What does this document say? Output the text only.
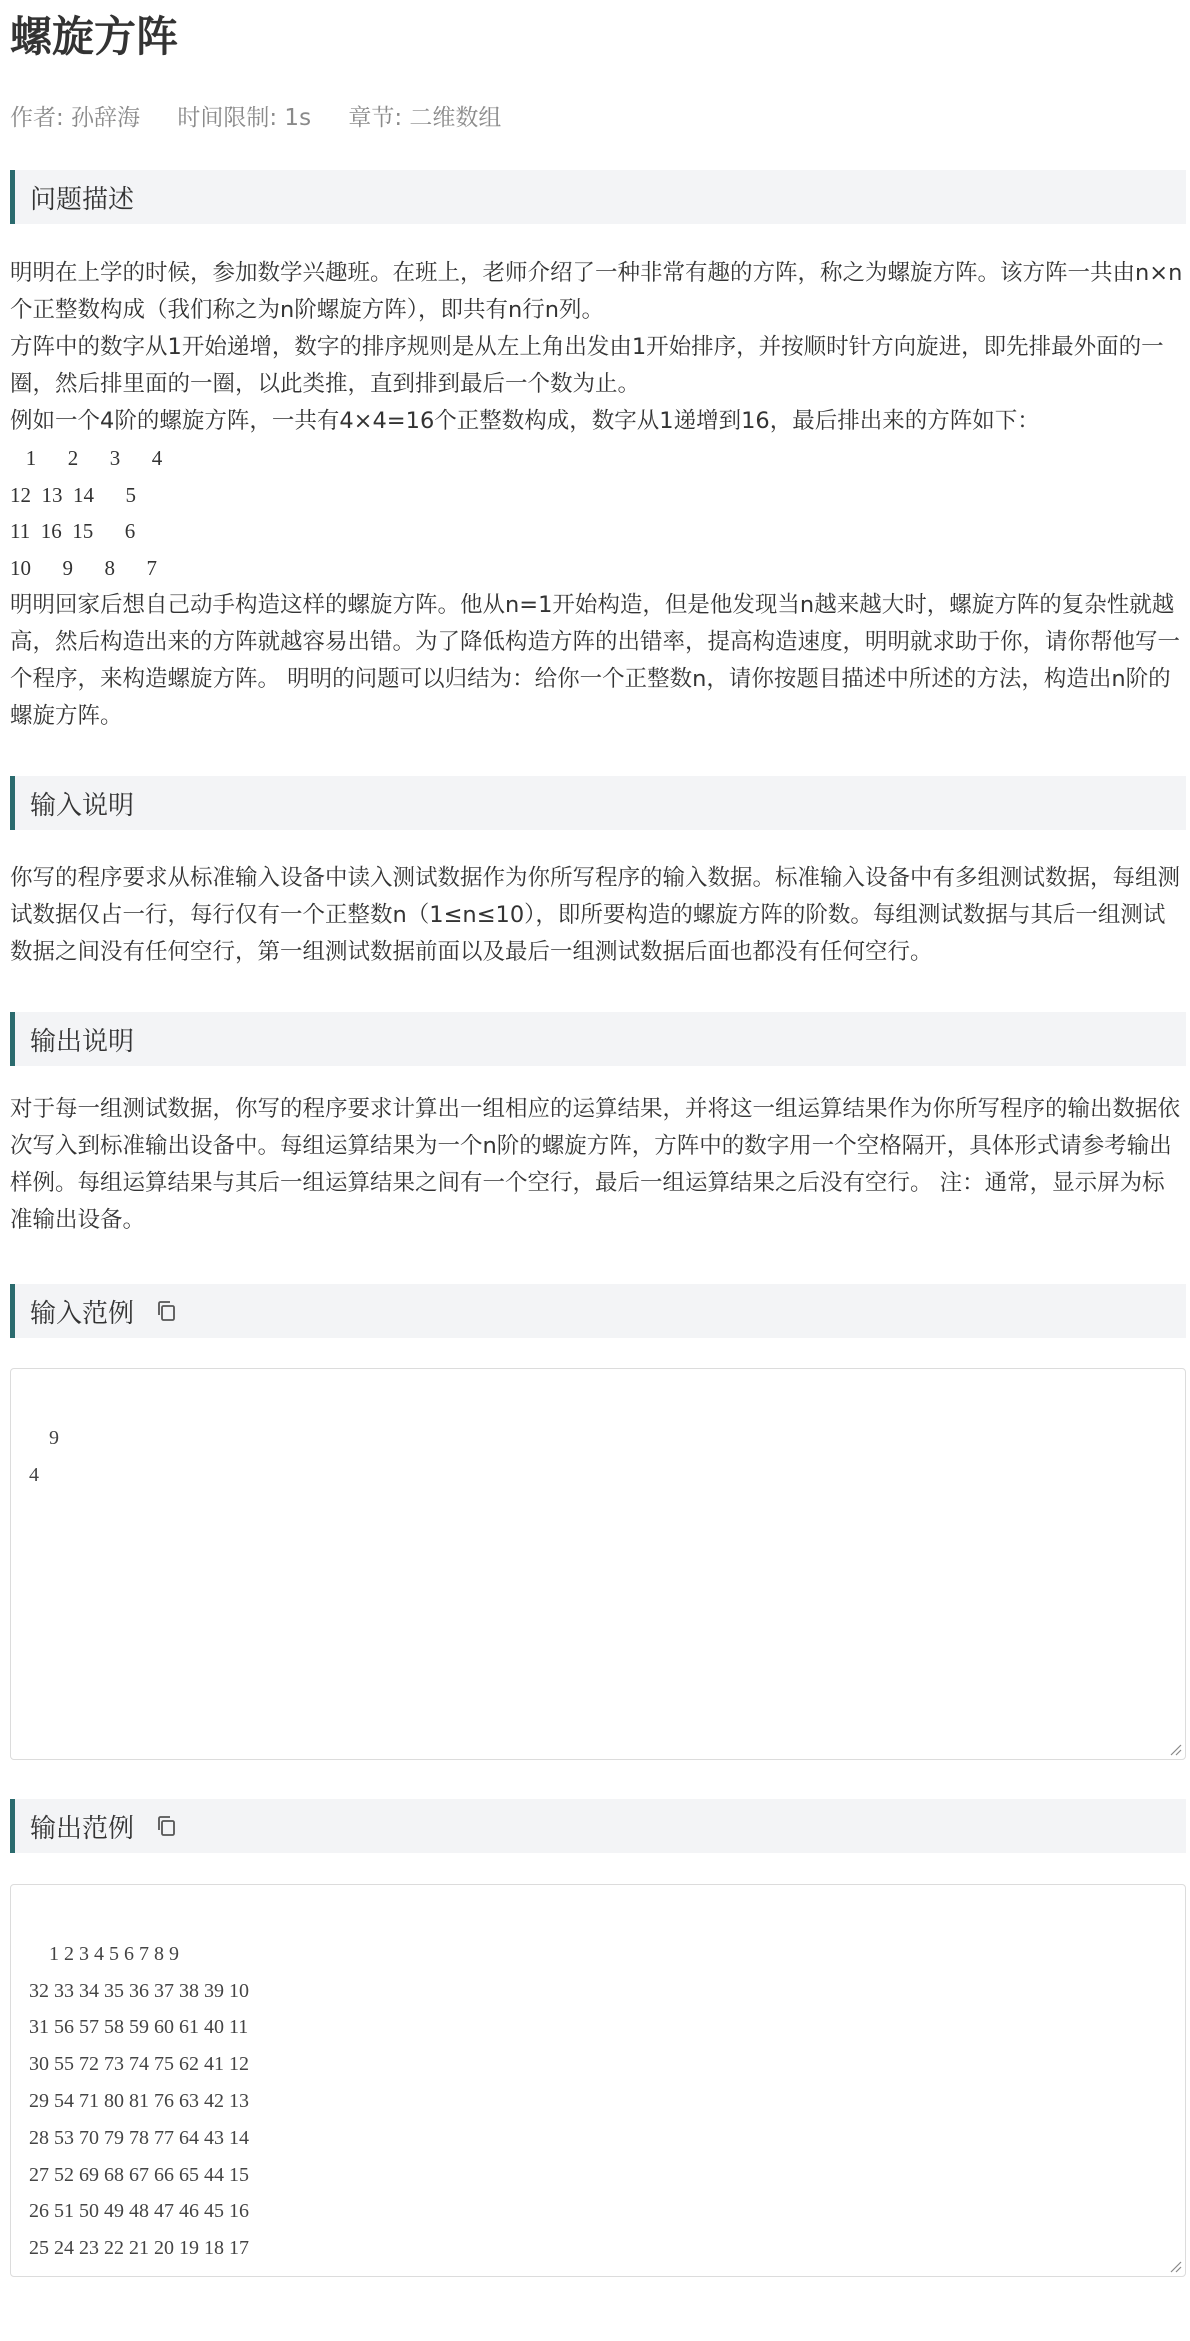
螺旋方阵
作者: 孙辞海 时间限制: 1s 章节: 二维数组
问题描述

明明在上学的时候，参加数学兴趣班。在班上，老师介绍了一种非常有趣的方阵，称之为螺旋方阵。该方阵一共由n×n个正整数构成（我们称之为n阶螺旋方阵），即共有n行n列。
方阵中的数字从1开始递增，数字的排序规则是从左上角出发由1开始排序，并按顺时针方向旋进，即先排最外面的一圈，然后排里面的一圈，以此类推，直到排到最后一个数为止。
例如一个4阶的螺旋方阵，一共有4×4=16个正整数构成，数字从1递增到16，最后排出来的方阵如下：

1      2      3      4
12  13  14      5
11  16  15      6
10      9      8      7

明明回家后想自己动手构造这样的螺旋方阵。他从n=1开始构造，但是他发现当n越来越大时，螺旋方阵的复杂性就越高，然后构造出来的方阵就越容易出错。为了降低构造方阵的出错率，提高构造速度，明明就求助于你，请你帮他写一个程序，来构造螺旋方阵。 明明的问题可以归结为：给你一个正整数n，请你按题目描述中所述的方法，构造出n阶的螺旋方阵。

输入说明

你写的程序要求从标准输入设备中读入测试数据作为你所写程序的输入数据。标准输入设备中有多组测试数据，每组测试数据仅占一行，每行仅有一个正整数n（1≤n≤10），即所要构造的螺旋方阵的阶数。每组测试数据与其后一组测试数据之间没有任何空行，第一组测试数据前面以及最后一组测试数据后面也都没有任何空行。

输出说明

对于每一组测试数据，你写的程序要求计算出一组相应的运算结果，并将这一组运算结果作为你所写程序的输出数据依次写入到标准输出设备中。每组运算结果为一个n阶的螺旋方阵，方阵中的数字用一个空格隔开，具体形式请参考输出样例。每组运算结果与其后一组运算结果之间有一个空行，最后一组运算结果之后没有空行。 注：通常，显示屏为标准输出设备。

输入范例

9
4

输出范例

1 2 3 4 5 6 7 8 9
32 33 34 35 36 37 38 39 10
31 56 57 58 59 60 61 40 11
30 55 72 73 74 75 62 41 12
29 54 71 80 81 76 63 42 13
28 53 70 79 78 77 64 43 14
27 52 69 68 67 66 65 44 15
26 51 50 49 48 47 46 45 16
25 24 23 22 21 20 19 18 17
